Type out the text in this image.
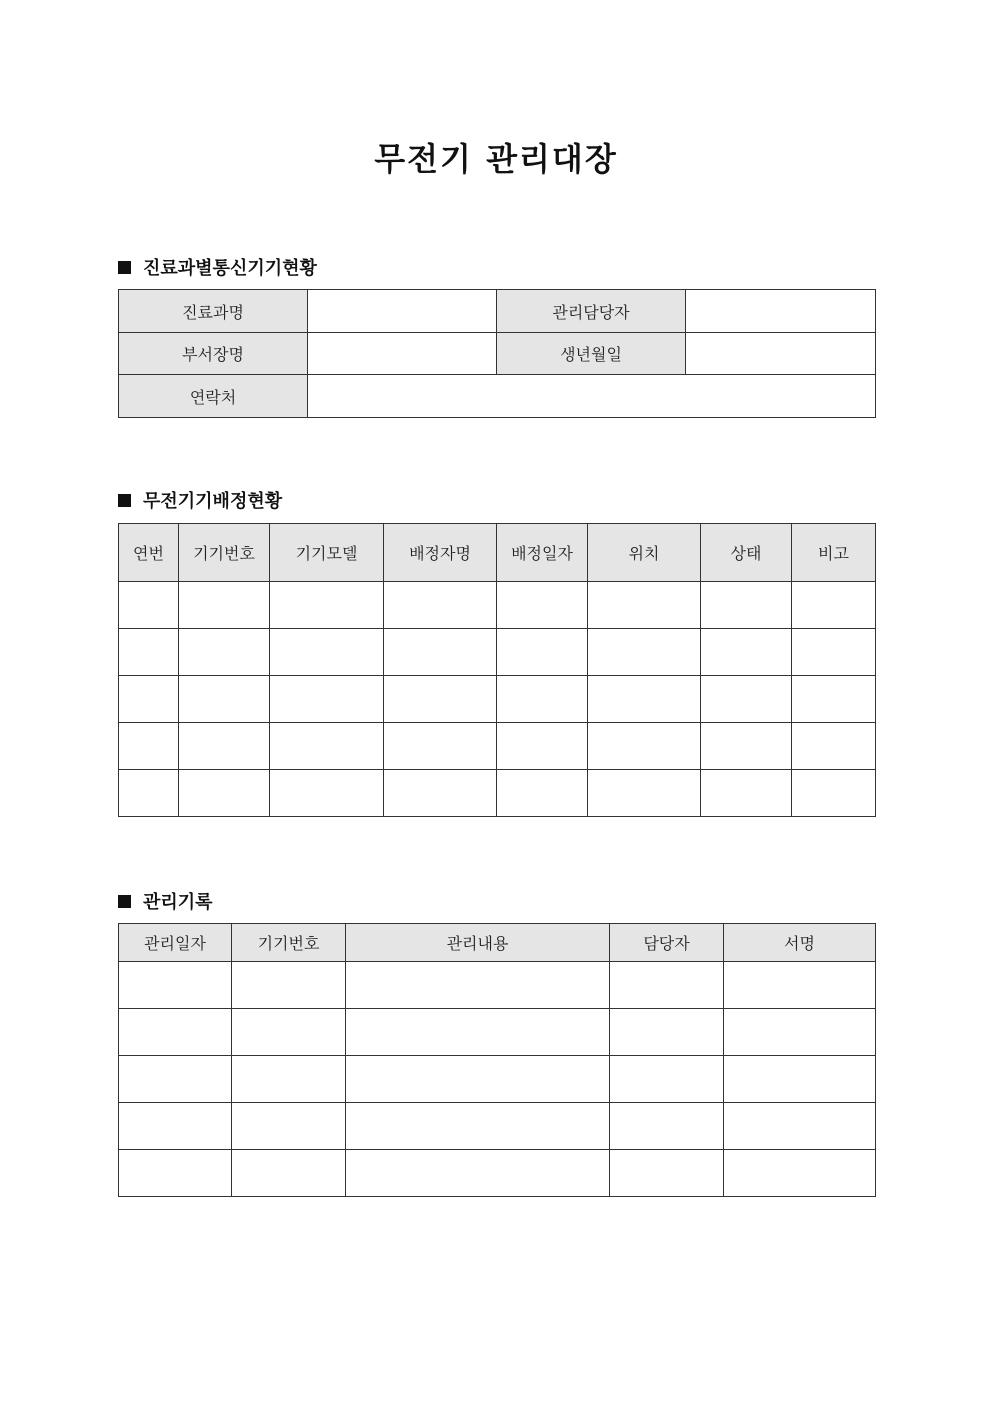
무전기 관리대장
진료과별통신기기현황
진료과명		관리담당자	
부서장명		생년월일	
연락처			
무전기기배정현황
연번	기기번호	기기모델	배정자명	배정일자	위치	상태	비고

관리기록
관리일자	기기번호	관리내용	담당자	서명
